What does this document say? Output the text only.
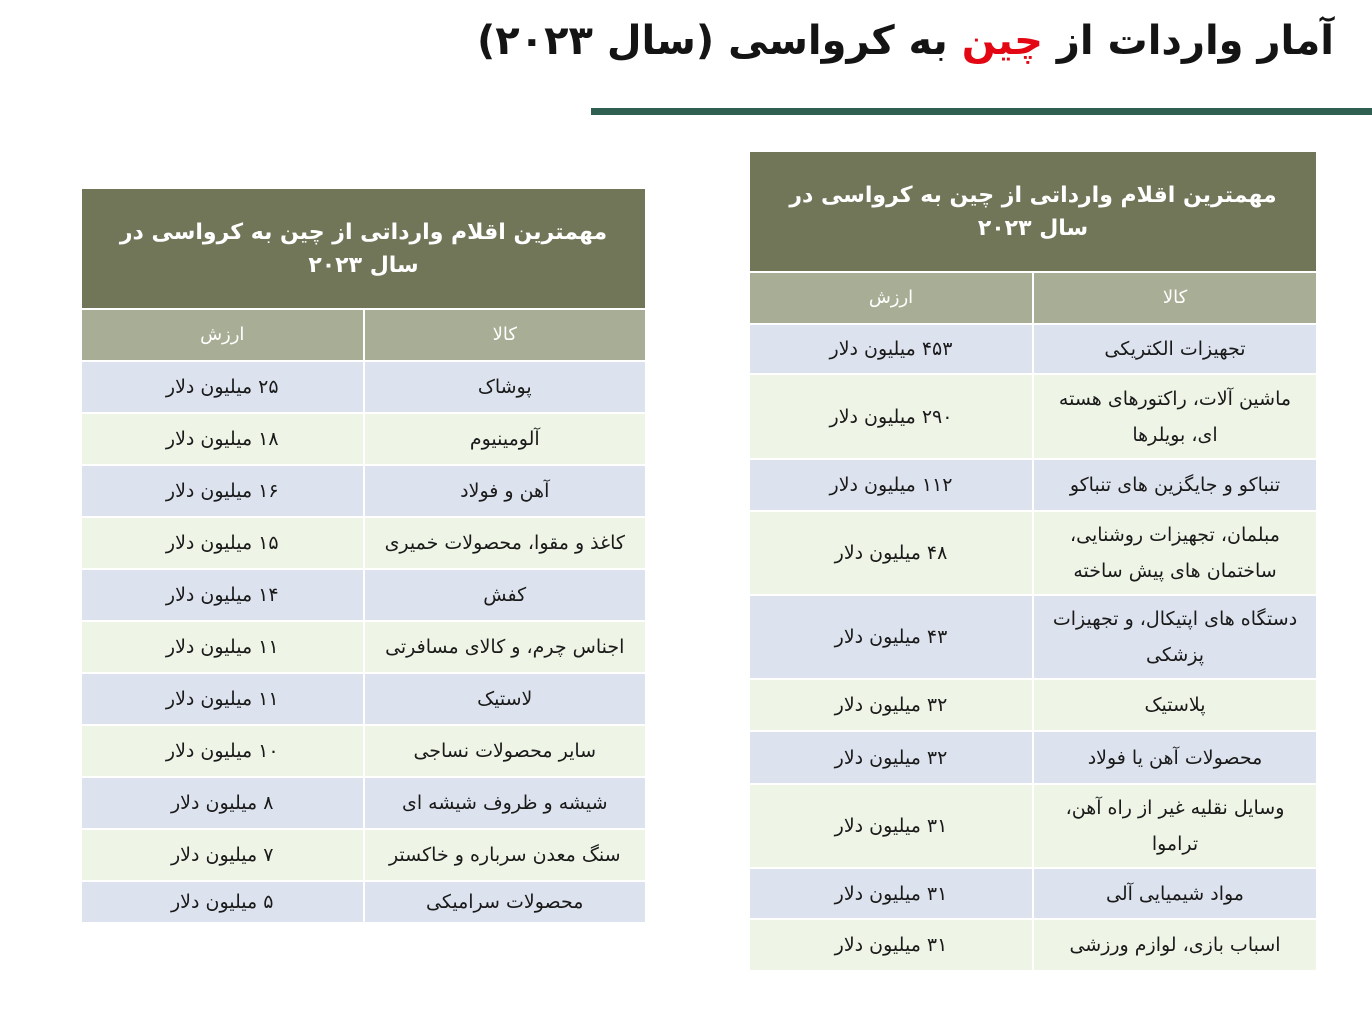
آمار واردات از چین به کرواسی (سال ۲۰۲۳)
مهمترین اقلام وارداتی از چین به کرواسی در سال ۲۰۲۳	
کالا	ارزش
تجهیزات الکتریکی	۴۵۳ میلیون دلار
ماشین آلات، راکتورهای هسته ای، بویلرها	۲۹۰ میلیون دلار
تنباکو و جایگزین های تنباکو	۱۱۲ میلیون دلار
مبلمان، تجهیزات روشنایی، ساختمان های پیش ساخته	۴۸ میلیون دلار
دستگاه های اپتیکال، و تجهیزات پزشکی	۴۳ میلیون دلار
پلاستیک	۳۲ میلیون دلار
محصولات آهن یا فولاد	۳۲ میلیون دلار
وسایل نقلیه غیر از راه آهن، تراموا	۳۱ میلیون دلار
مواد شیمیایی آلی	۳۱ میلیون دلار
اسباب بازی، لوازم ورزشی	۳۱ میلیون دلار
مهمترین اقلام وارداتی از چین به کرواسی در سال ۲۰۲۳	
کالا	ارزش
پوشاک	۲۵ میلیون دلار
آلومینیوم	۱۸ میلیون دلار
آهن و فولاد	۱۶ میلیون دلار
کاغذ و مقوا، محصولات خمیری	۱۵ میلیون دلار
کفش	۱۴ میلیون دلار
اجناس چرم، و کالای مسافرتی	۱۱ میلیون دلار
لاستیک	۱۱ میلیون دلار
سایر محصولات نساجی	۱۰ میلیون دلار
شیشه و ظروف شیشه ای	۸ میلیون دلار
سنگ معدن سرباره و خاکستر	۷ میلیون دلار
محصولات سرامیکی	۵ میلیون دلار
